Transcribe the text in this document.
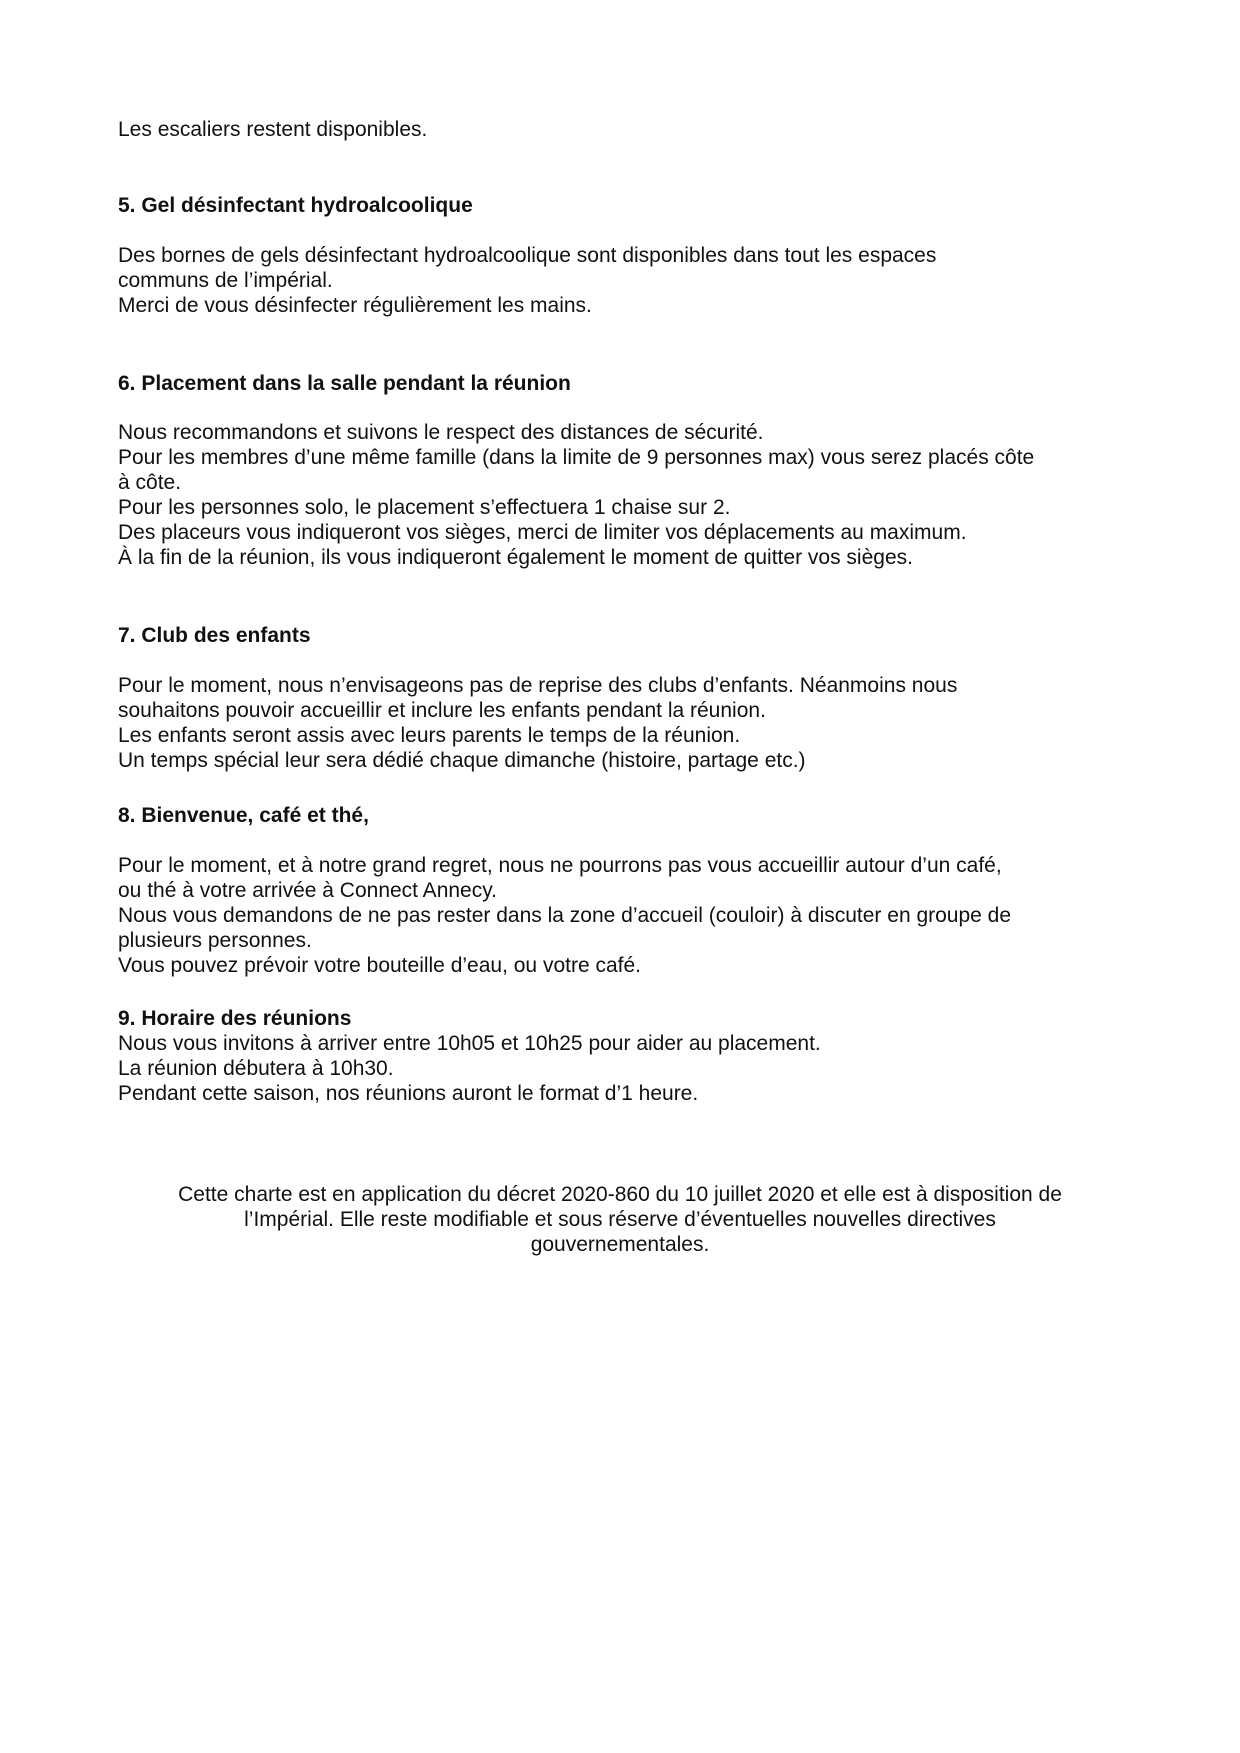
Les escaliers restent disponibles.

5. Gel désinfectant hydroalcoolique

Des bornes de gels désinfectant hydroalcoolique sont disponibles dans tout les espaces

communs de l’impérial.

Merci de vous désinfecter régulièrement les mains.

6. Placement dans la salle pendant la réunion

Nous recommandons et suivons le respect des distances de sécurité.

Pour les membres d’une même famille (dans la limite de 9 personnes max) vous serez placés côte

à côte.

Pour les personnes solo, le placement s’effectuera 1 chaise sur 2.

Des placeurs vous indiqueront vos sièges, merci de limiter vos déplacements au maximum.

À la fin de la réunion, ils vous indiqueront également le moment de quitter vos sièges.

7. Club des enfants

Pour le moment, nous n’envisageons pas de reprise des clubs d’enfants. Néanmoins nous

souhaitons pouvoir accueillir et inclure les enfants pendant la réunion.

Les enfants seront assis avec leurs parents le temps de la réunion.

Un temps spécial leur sera dédié chaque dimanche (histoire, partage etc.)

8. Bienvenue, café et thé,

Pour le moment, et à notre grand regret, nous ne pourrons pas vous accueillir autour d’un café,

ou thé à votre arrivée à Connect Annecy.

Nous vous demandons de ne pas rester dans la zone d’accueil (couloir) à discuter en groupe de

plusieurs personnes.

Vous pouvez prévoir votre bouteille d’eau, ou votre café.

9. Horaire des réunions

Nous vous invitons à arriver entre 10h05 et 10h25 pour aider au placement.

La réunion débutera à 10h30.

Pendant cette saison, nos réunions auront le format d’1 heure.

Cette charte est en application du décret 2020-860 du 10 juillet 2020 et elle est à disposition de

l’Impérial. Elle reste modifiable et sous réserve d’éventuelles nouvelles directives

gouvernementales.
